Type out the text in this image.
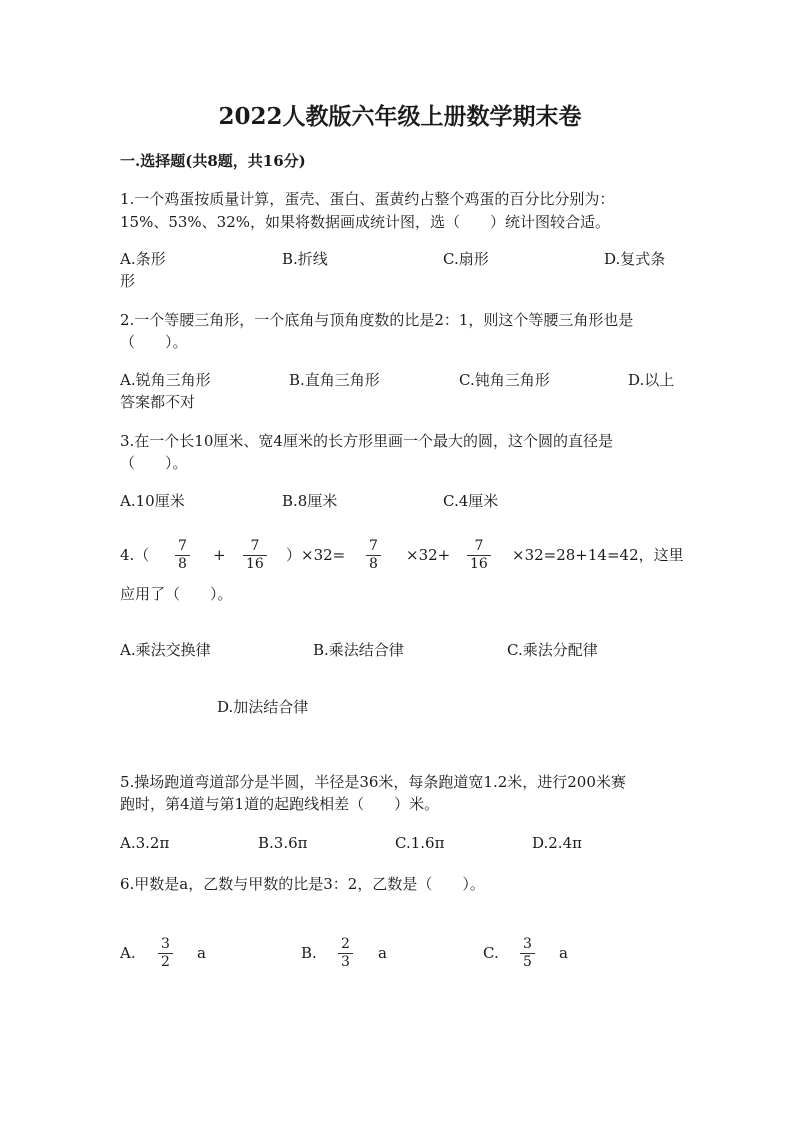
2022人教版六年级上册数学期末卷
一.选择题(共8题，共16分)
1.一个鸡蛋按质量计算，蛋壳、蛋白、蛋黄约占整个鸡蛋的百分比分别为：
15%、53%、32%，如果将数据画成统计图，选（　　）统计图较合适。
A.条形	B.折线	C.扇形	D.复式条
形
2.一个等腰三角形，一个底角与顶角度数的比是2：1，则这个等腰三角形也是
（　　）。
A.锐角三角形	B.直角三角形	C.钝角三角形	D.以上
答案都不对
3.在一个长10厘米、宽4厘米的长方形里画一个最大的圆，这个圆的直径是
（　　）。
A.10厘米	B.8厘米	C.4厘米
4.（ 7
8 + 7
16 ）×32= 7
8 ×32+ 7
16 ×32=28+14=42，这里
应用了（　　）。
A.乘法交换律	B.乘法结合律	C.乘法分配律
D.加法结合律
5.操场跑道弯道部分是半圆，半径是36米，每条跑道宽1.2米，进行200米赛
跑时，第4道与第1道的起跑线相差（　　）米。
A.3.2π	B.3.6π	C.1.6π	D.2.4π
6.甲数是a，乙数与甲数的比是3：2，乙数是（　　）。
A. 3
2 a	B. 2
3 a	C. 3
5 a
